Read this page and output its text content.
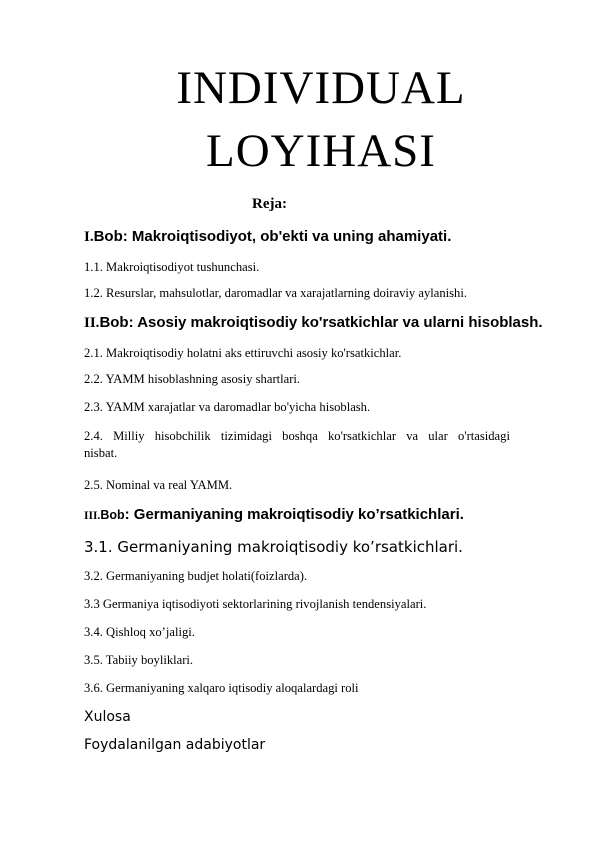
INDIVIDUAL
LOYIHASI
Reja:
I.Bob: Makroiqtisodiyot, ob'ekti va uning ahamiyati.
1.1. Makroiqtisodiyot tushunchasi.
1.2. Resurslar, mahsulotlar, daromadlar va xarajatlarning doiraviy aylanishi.
II.Bob: Asosiy makroiqtisodiy ko'rsatkichlar va ularni hisoblash.
2.1. Makroiqtisodiy holatni aks ettiruvchi asosiy ko'rsatkichlar.
2.2. YAMM hisoblashning asosiy shartlari.
2.3. YAMM xarajatlar va daromadlar bo'yicha hisoblash.
2.4. Milliy hisobchilik tizimidagi boshqa ko'rsatkichlar va ular o'rtasidagi
nisbat.
2.5. Nominal va real YAMM.
III.Bob: Germaniyaning makroiqtisodiy ko’rsatkichlari.
3.1. Germaniyaning makroiqtisodiy ko’rsatkichlari.
3.2. Germaniyaning budjet holati(foizlarda).
3.3 Germaniya iqtisodiyoti sektorlarining rivojlanish tendensiyalari.
3.4. Qishloq xo’jaligi.
3.5. Tabiiy boyliklari.
3.6. Germaniyaning xalqaro iqtisodiy aloqalardagi roli
Xulosa
Foydalanilgan adabiyotlar
